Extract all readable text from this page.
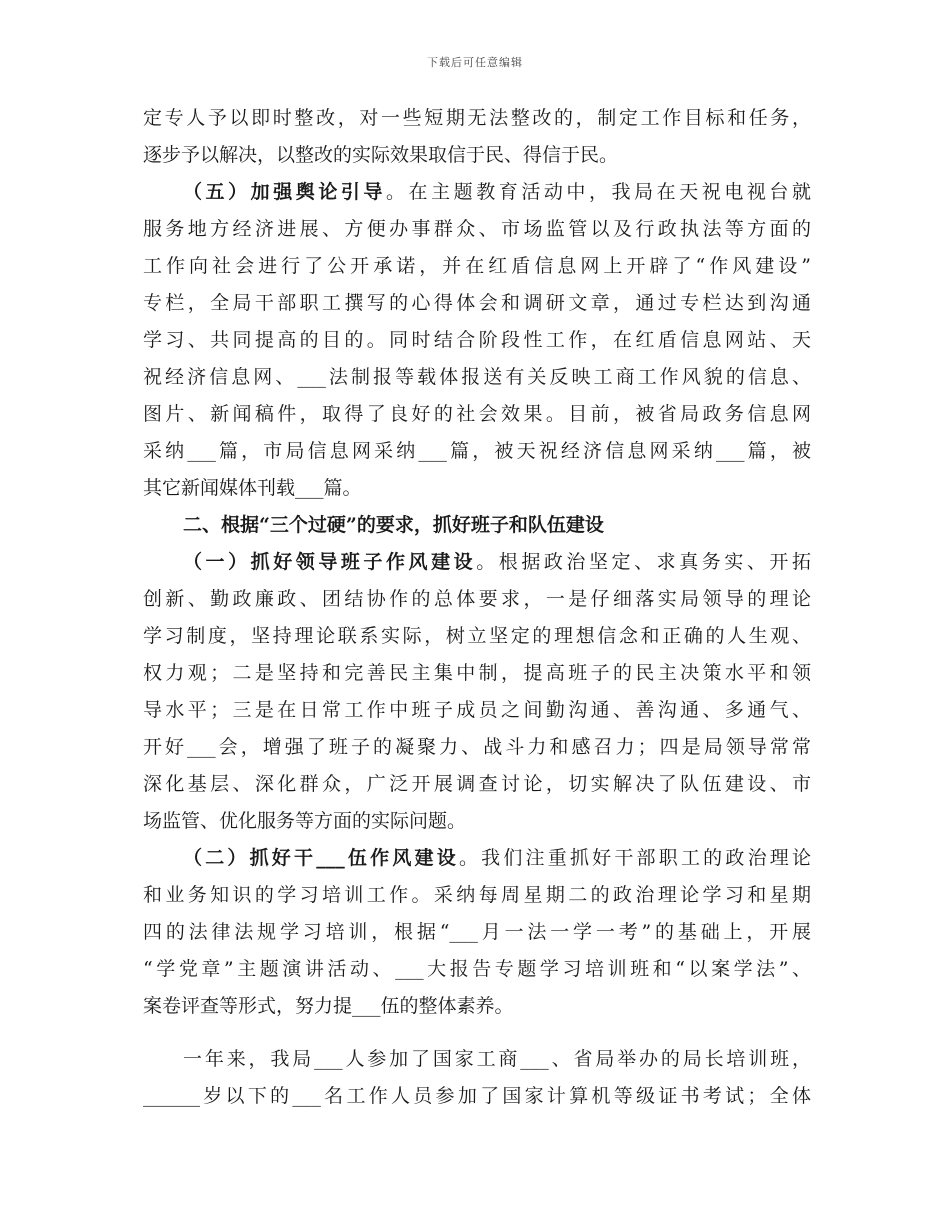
下载后可任意编辑
定专人予以即时整改，对一些短期无法整改的，制定工作目标和任务，
逐步予以解决，以整改的实际效果取信于民、得信于民。
（五）加强舆论引导。在主题教育活动中，我局在天祝电视台就
服务地方经济进展、方便办事群众、市场监管以及行政执法等方面的
工作向社会进行了公开承诺，并在红盾信息网上开辟了“作风建设”
专栏，全局干部职工撰写的心得体会和调研文章，通过专栏达到沟通
学习、共同提高的目的。同时结合阶段性工作，在红盾信息网站、天
祝经济信息网、___法制报等载体报送有关反映工商工作风貌的信息、
图片、新闻稿件，取得了良好的社会效果。目前，被省局政务信息网
采纳___篇，市局信息网采纳___篇，被天祝经济信息网采纳___篇，被
其它新闻媒体刊载___篇。
二、根据“三个过硬”的要求，抓好班子和队伍建设
（一）抓好领导班子作风建设。根据政治坚定、求真务实、开拓
创新、勤政廉政、团结协作的总体要求，一是仔细落实局领导的理论
学习制度，坚持理论联系实际，树立坚定的理想信念和正确的人生观、
权力观；二是坚持和完善民主集中制，提高班子的民主决策水平和领
导水平；三是在日常工作中班子成员之间勤沟通、善沟通、多通气、
开好___会，增强了班子的凝聚力、战斗力和感召力；四是局领导常常
深化基层、深化群众，广泛开展调查讨论，切实解决了队伍建设、市
场监管、优化服务等方面的实际问题。
（二）抓好干___伍作风建设。我们注重抓好干部职工的政治理论
和业务知识的学习培训工作。采纳每周星期二的政治理论学习和星期
四的法律法规学习培训，根据“___月一法一学一考”的基础上，开展
“学党章”主题演讲活动、___大报告专题学习培训班和“以案学法”、
案卷评查等形式，努力提___伍的整体素养。
一年来，我局___人参加了国家工商___、省局举办的局长培训班，
______岁以下的___名工作人员参加了国家计算机等级证书考试；全体
